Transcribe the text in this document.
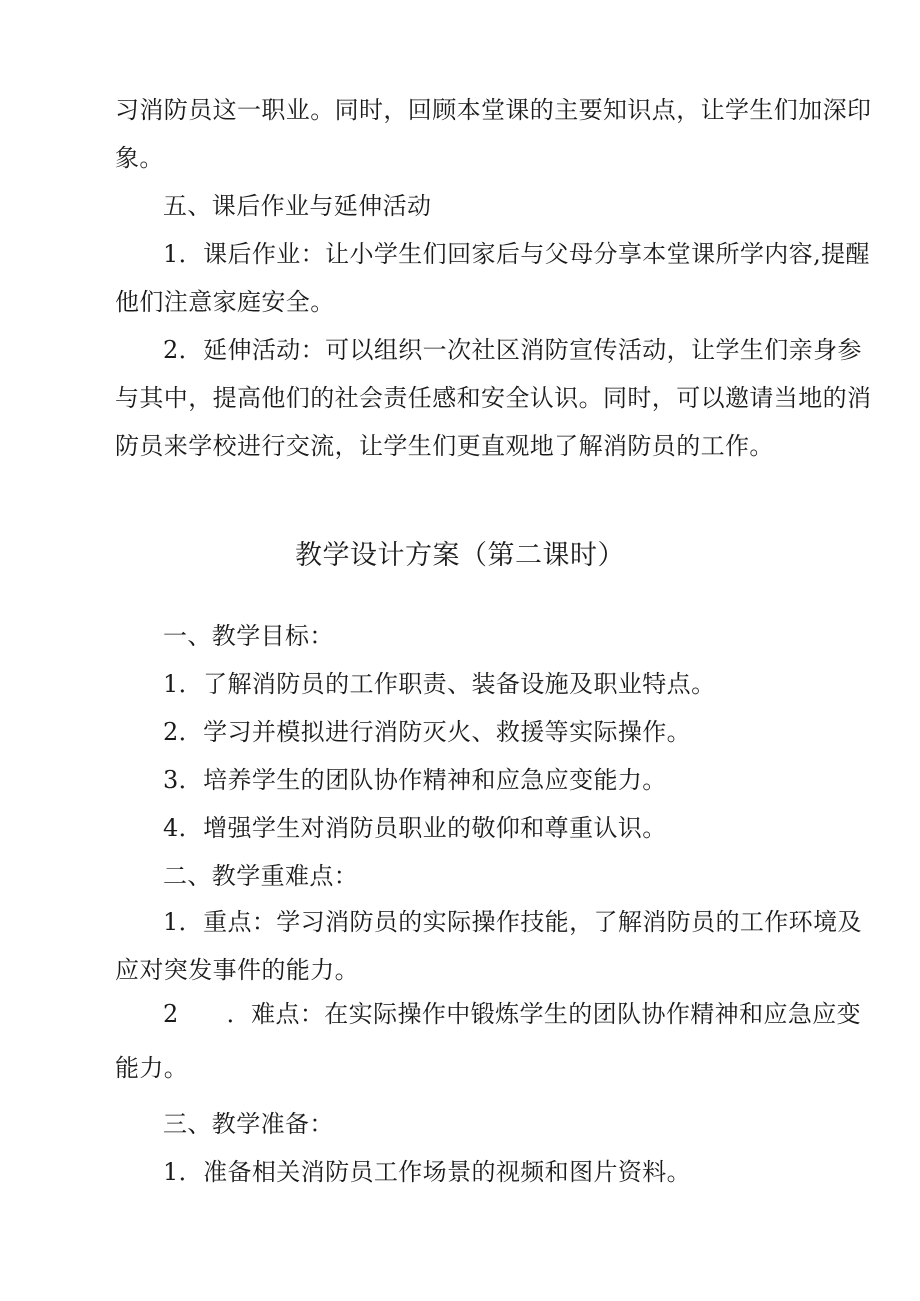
习消防员这一职业。同时，回顾本堂课的主要知识点，让学生们加深印
象。
五、课后作业与延伸活动
1．课后作业：让小学生们回家后与父母分享本堂课所学内容,提醒
他们注意家庭安全。
2．延伸活动：可以组织一次社区消防宣传活动，让学生们亲身参
与其中，提高他们的社会责任感和安全认识。同时，可以邀请当地的消
防员来学校进行交流，让学生们更直观地了解消防员的工作。
教学设计方案（第二课时）
一、教学目标：
1．了解消防员的工作职责、装备设施及职业特点。
2．学习并模拟进行消防灭火、救援等实际操作。
3．培养学生的团队协作精神和应急应变能力。
4．增强学生对消防员职业的敬仰和尊重认识。
二、教学重难点：
1．重点：学习消防员的实际操作技能，了解消防员的工作环境及
应对突发事件的能力。
2 ．难点：在实际操作中锻炼学生的团队协作精神和应急应变
能力。
三、教学准备：
1．准备相关消防员工作场景的视频和图片资料。
